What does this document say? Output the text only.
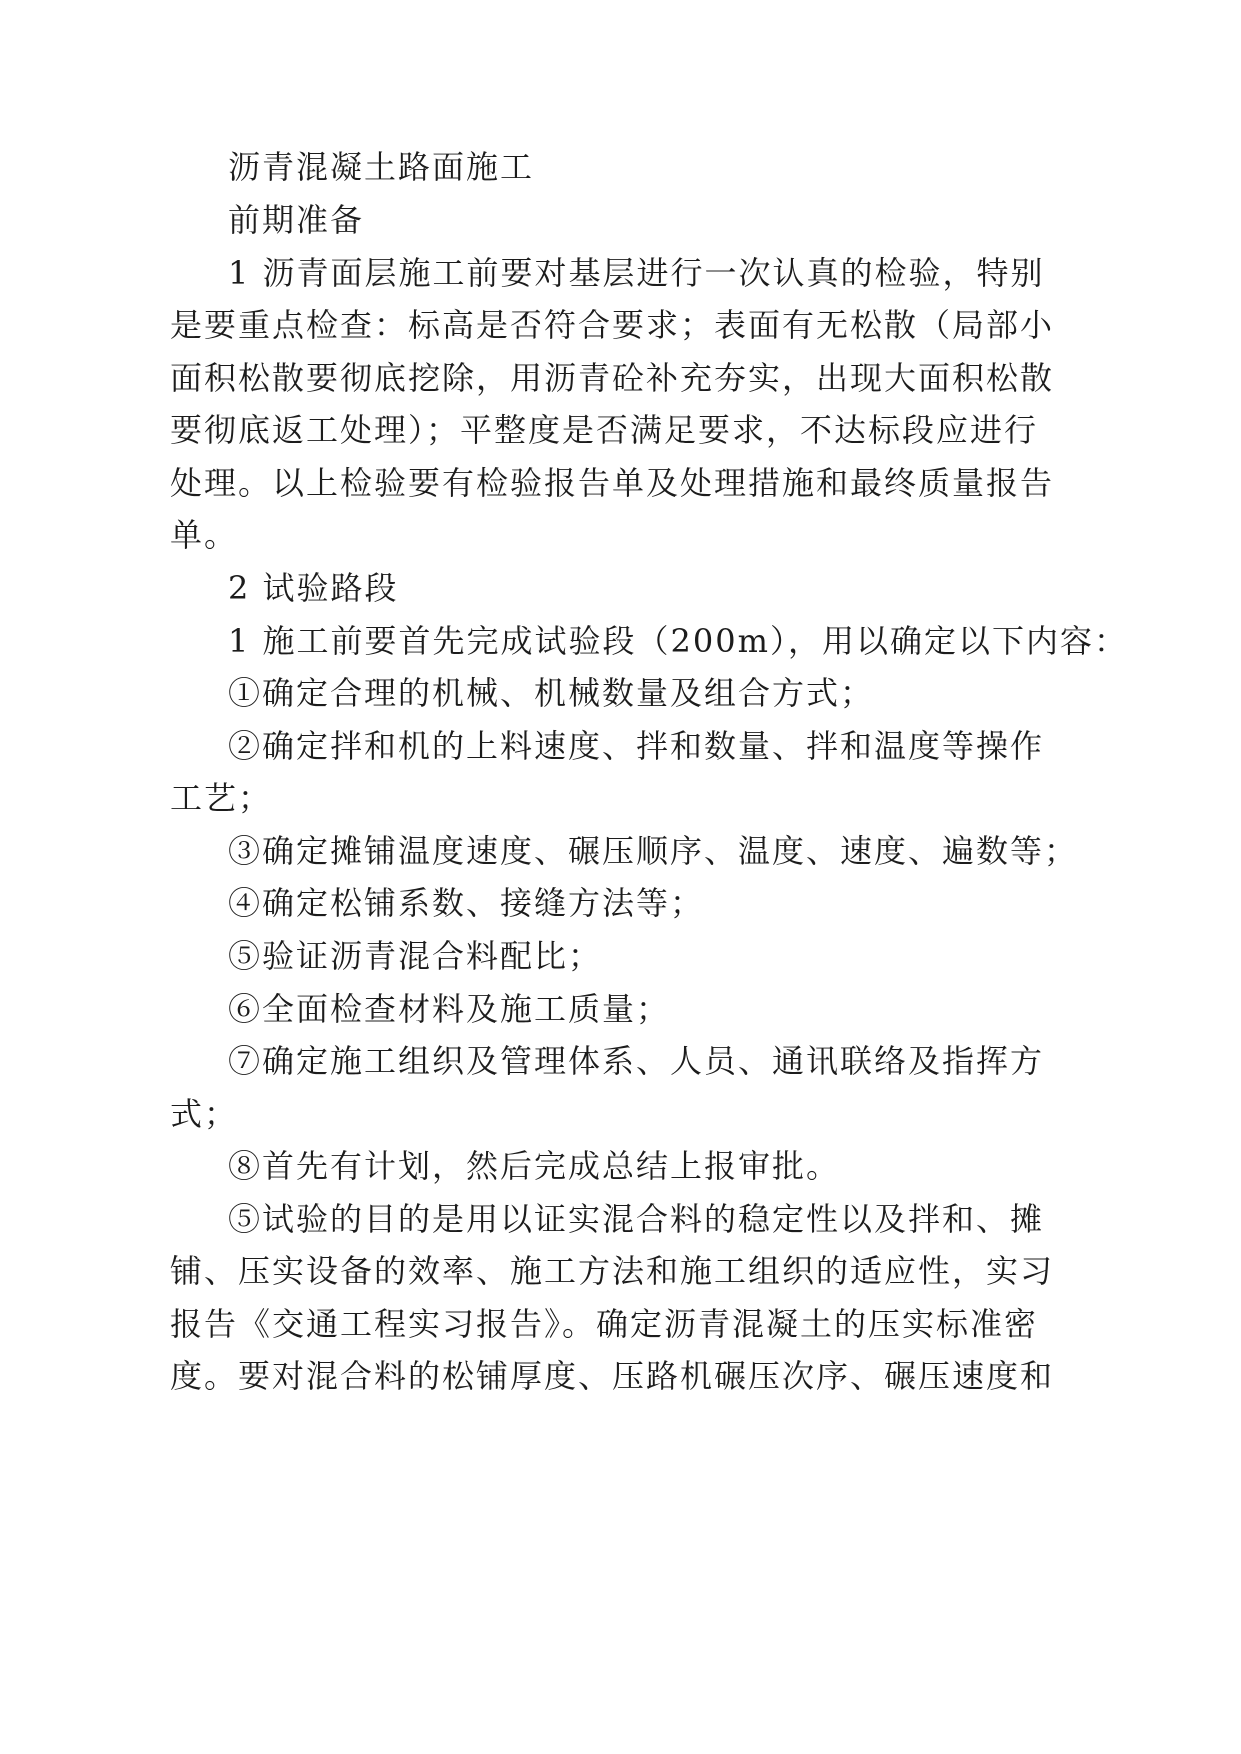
沥青混凝土路面施工

前期准备

1 沥青面层施工前要对基层进行一次认真的检验，特别

是要重点检查：标高是否符合要求；表面有无松散（局部小

面积松散要彻底挖除，用沥青砼补充夯实，出现大面积松散

要彻底返工处理）；平整度是否满足要求，不达标段应进行

处理。以上检验要有检验报告单及处理措施和最终质量报告

单。

2 试验路段

1 施工前要首先完成试验段（200m），用以确定以下内容：

①确定合理的机械、机械数量及组合方式；

②确定拌和机的上料速度、拌和数量、拌和温度等操作

工艺；

③确定摊铺温度速度、碾压顺序、温度、速度、遍数等；

④确定松铺系数、接缝方法等；

⑤验证沥青混合料配比；

⑥全面检查材料及施工质量；

⑦确定施工组织及管理体系、人员、通讯联络及指挥方

式；

⑧首先有计划，然后完成总结上报审批。

⑤试验的目的是用以证实混合料的稳定性以及拌和、摊

铺、压实设备的效率、施工方法和施工组织的适应性，实习

报告《交通工程实习报告》。确定沥青混凝土的压实标准密

度。要对混合料的松铺厚度、压路机碾压次序、碾压速度和
